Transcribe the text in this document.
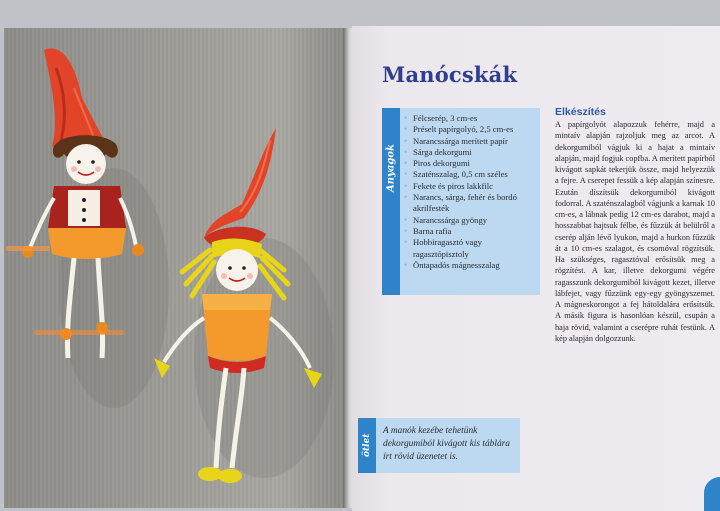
Manócskák
Anyagok
• Félcserép, 3 cm-es
• Préselt papírgolyó, 2,5 cm-es
• Narancssárga merített papír
• Sárga dekorgumi
• Piros dekorgumi
• Szaténszalag, 0,5 cm széles
• Fekete és piros lakkfilc
• Narancs, sárga, fehér és bordó akrilfesték
• Narancssárga gyöngy
• Barna rafia
• Hobbiragasztó vagy ragasztópisztoly
• Öntapadós mágnesszalag
Elkészítés

A papírgolyót alapozzuk fehérre, majd a mintaív alapján rajzoljuk meg az arcot. A dekorgumiból vágjuk ki a hajat a mintaív alapján, majd fogjuk copfba. A merített papírból kivágott sapkát tekerjük össze, majd helyezzük a fejre. A cserepet fessük a kép alapján színesre. Ezután díszítsük dekorgumiból kivágott fodorral. A szaténszalagból vágjunk a karnak 10 cm-es, a lábnak pedig 12 cm-es darabot, majd a hosszabbat hajtsuk félbe, és fűzzük át belülről a cserép alján lévő lyukon, majd a hurkon fűzzük át a 10 cm-es szalagot, és csomóval rögzítsük. Ha szükséges, ragasztóval erősítsük meg a rögzítést. A kar, illetve dekorgumi végére ragasszunk dekorgumiból kivágott kezet, illetve lábfejet, vagy fűzzünk egy-egy gyöngyszemet. A mágneskorongot a fej hátoldalára erősítsük. A másik figura is hasonlóan készül, csupán a haja rövid, valamint a cserépre ruhát festünk. A kép alapján dolgozzunk.

ötlet

A manók kezébe tehetünk dekorgumiból kivágott kis táblára írt rövid üzenetet is.
